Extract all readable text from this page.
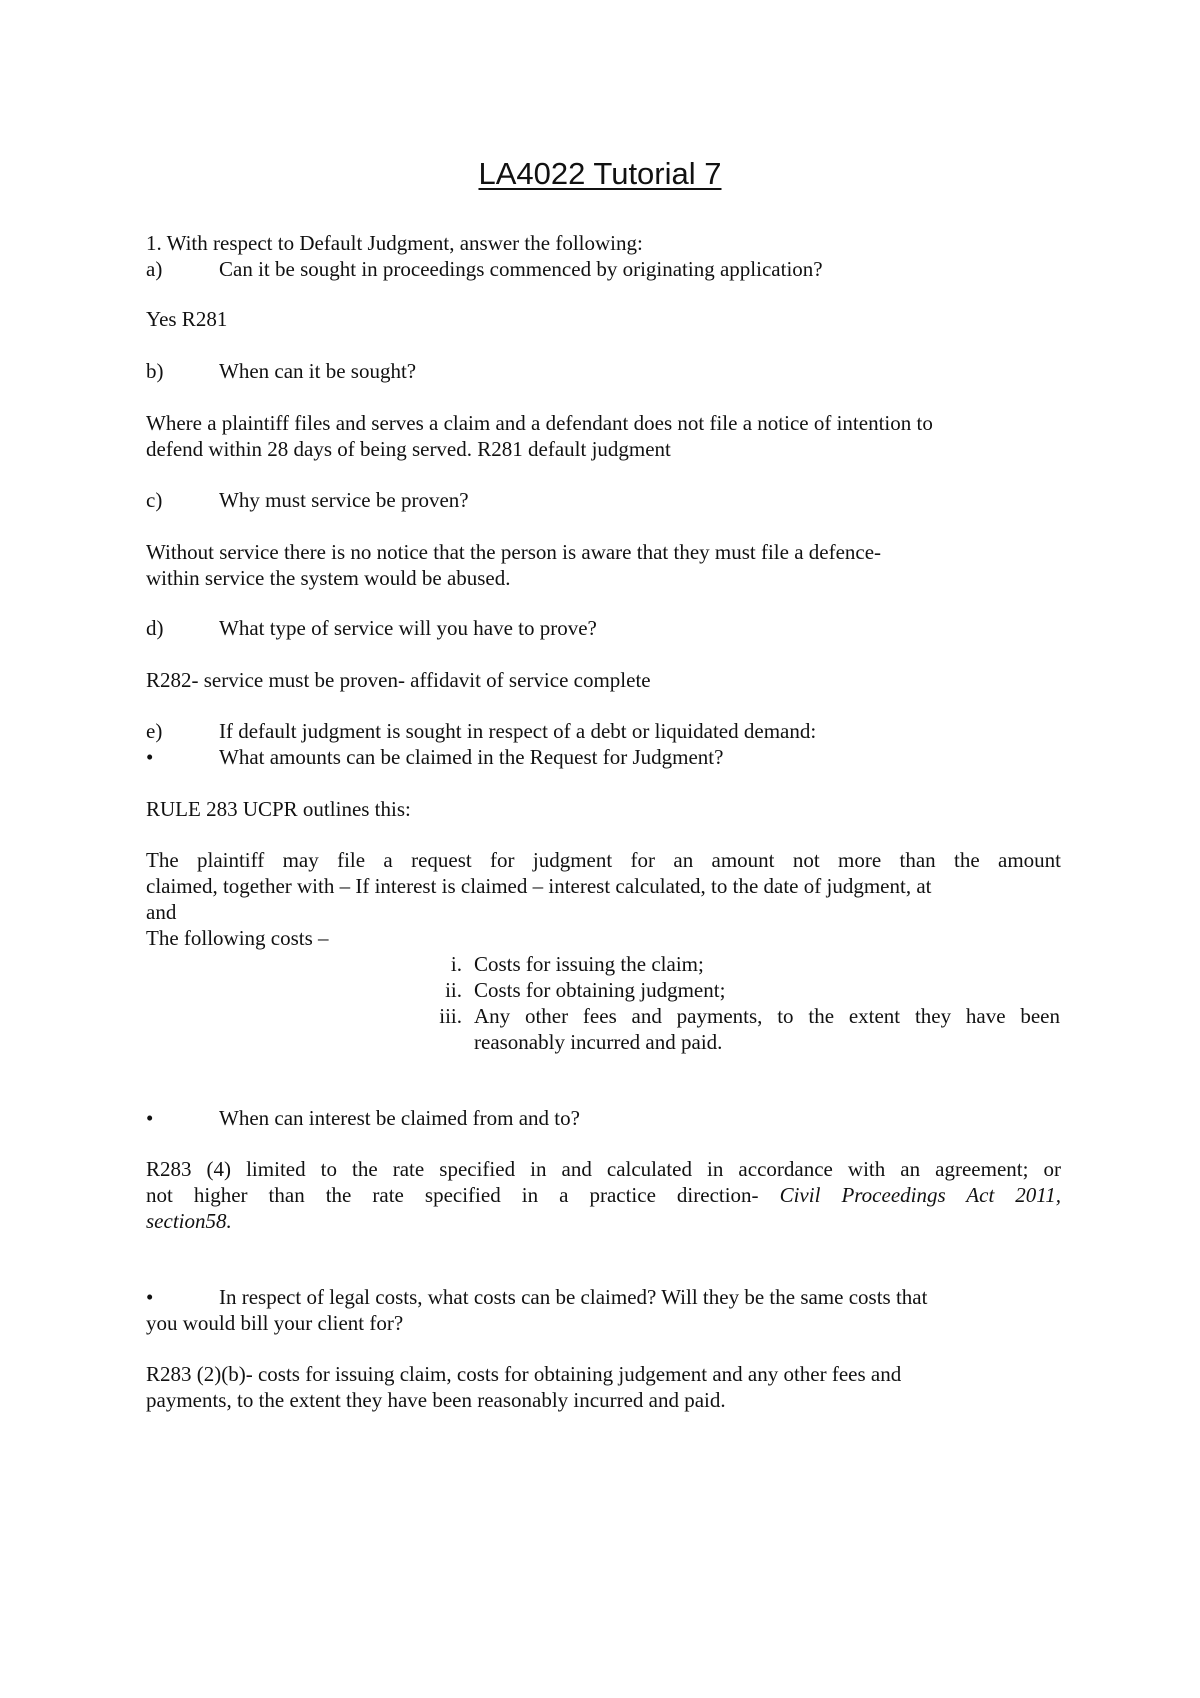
LA4022 Tutorial 7
1. With respect to Default Judgment, answer the following:
a)	Can it be sought in proceedings commenced by originating application?
Yes R281
b)	When can it be sought?
Where a plaintiff files and serves a claim and a defendant does not file a notice of intention to
defend within 28 days of being served. R281 default judgment
c)	Why must service be proven?
Without service there is no notice that the person is aware that they must file a defence-
within service the system would be abused.
d)	What type of service will you have to prove?
R282- service must be proven- affidavit of service complete
e)	If default judgment is sought in respect of a debt or liquidated demand:
•	What amounts can be claimed in the Request for Judgment?
RULE 283 UCPR outlines this:
The plaintiff may file a request for judgment for an amount not more than the amount
claimed, together with – If interest is claimed – interest calculated, to the date of judgment, at
and
The following costs –
i. Costs for issuing the claim;
ii. Costs for obtaining judgment;
iii. Any other fees and payments, to the extent they have been
reasonably incurred and paid.
•	When can interest be claimed from and to?
R283 (4) limited to the rate specified in and calculated in accordance with an agreement; or
not higher than the rate specified in a practice direction- Civil Proceedings Act 2011,
section58.
•	In respect of legal costs, what costs can be claimed? Will they be the same costs that
you would bill your client for?
R283 (2)(b)- costs for issuing claim, costs for obtaining judgement and any other fees and
payments, to the extent they have been reasonably incurred and paid.
